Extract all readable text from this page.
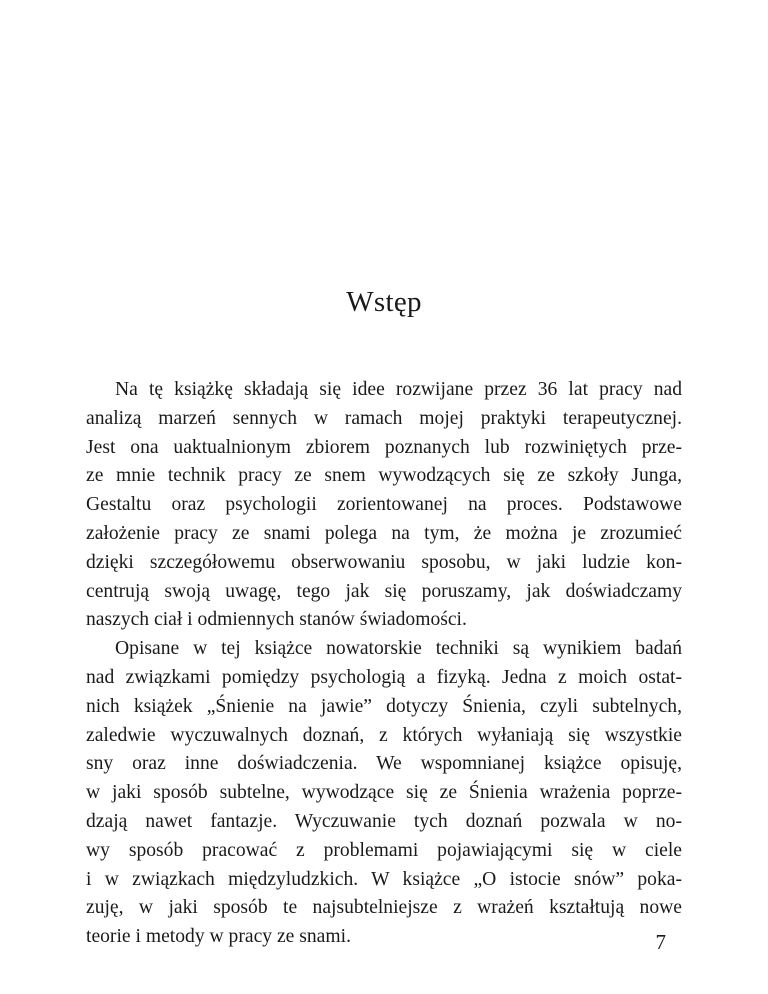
Wstęp
Na tę książkę składają się idee rozwijane przez 36 lat pracy nad
analizą marzeń sennych w ramach mojej praktyki terapeutycznej.
Jest ona uaktualnionym zbiorem poznanych lub rozwiniętych prze-
ze mnie technik pracy ze snem wywodzących się ze szkoły Junga,
Gestaltu oraz psychologii zorientowanej na proces. Podstawowe
założenie pracy ze snami polega na tym, że można je zrozumieć
dzięki szczegółowemu obserwowaniu sposobu, w jaki ludzie kon-
centrują swoją uwagę, tego jak się poruszamy, jak doświadczamy
naszych ciał i odmiennych stanów świadomości.
Opisane w tej książce nowatorskie techniki są wynikiem badań
nad związkami pomiędzy psychologią a fizyką. Jedna z moich ostat-
nich książek „Śnienie na jawie” dotyczy Śnienia, czyli subtelnych,
zaledwie wyczuwalnych doznań, z których wyłaniają się wszystkie
sny oraz inne doświadczenia. We wspomnianej książce opisuję,
w jaki sposób subtelne, wywodzące się ze Śnienia wrażenia poprze-
dzają nawet fantazje. Wyczuwanie tych doznań pozwala w no-
wy sposób pracować z problemami pojawiającymi się w ciele
i w związkach międzyludzkich. W książce „O istocie snów” poka-
zuję, w jaki sposób te najsubtelniejsze z wrażeń kształtują nowe
teorie i metody w pracy ze snami.	7
